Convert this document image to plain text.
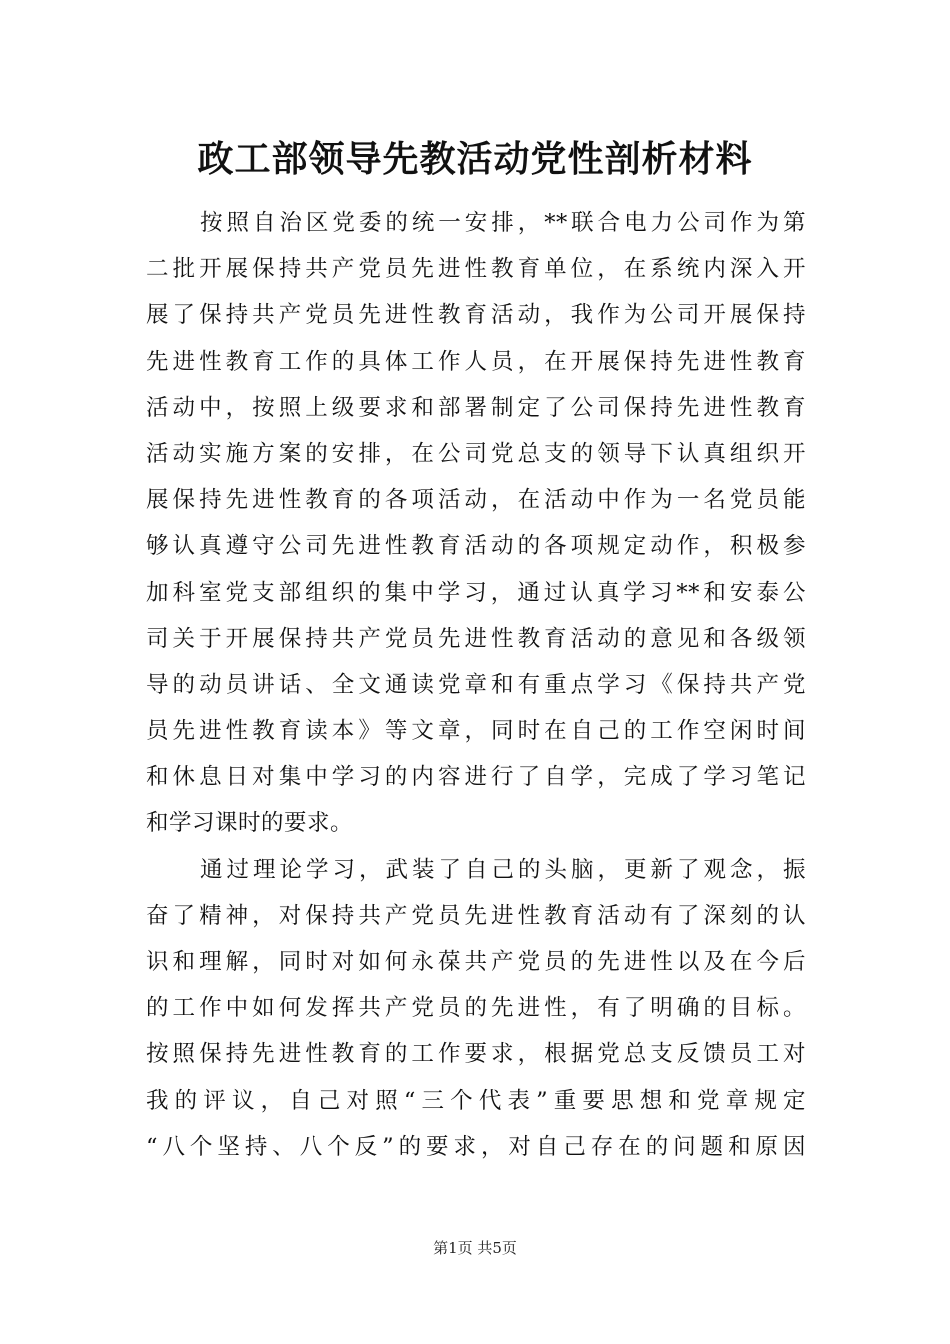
政工部领导先教活动党性剖析材料
按照自治区党委的统一安排，**联合电力公司作为第
二批开展保持共产党员先进性教育单位，在系统内深入开
展了保持共产党员先进性教育活动，我作为公司开展保持
先进性教育工作的具体工作人员，在开展保持先进性教育
活动中，按照上级要求和部署制定了公司保持先进性教育
活动实施方案的安排，在公司党总支的领导下认真组织开
展保持先进性教育的各项活动，在活动中作为一名党员能
够认真遵守公司先进性教育活动的各项规定动作，积极参
加科室党支部组织的集中学习，通过认真学习**和安泰公
司关于开展保持共产党员先进性教育活动的意见和各级领
导的动员讲话、全文通读党章和有重点学习《保持共产党
员先进性教育读本》等文章，同时在自己的工作空闲时间
和休息日对集中学习的内容进行了自学，完成了学习笔记
和学习课时的要求。
通过理论学习，武装了自己的头脑，更新了观念，振
奋了精神，对保持共产党员先进性教育活动有了深刻的认
识和理解，同时对如何永葆共产党员的先进性以及在今后
的工作中如何发挥共产党员的先进性，有了明确的目标。
按照保持先进性教育的工作要求，根据党总支反馈员工对
我的评议，自己对照“三个代表”重要思想和党章规定
“八个坚持、八个反”的要求，对自己存在的问题和原因
第1页 共5页
